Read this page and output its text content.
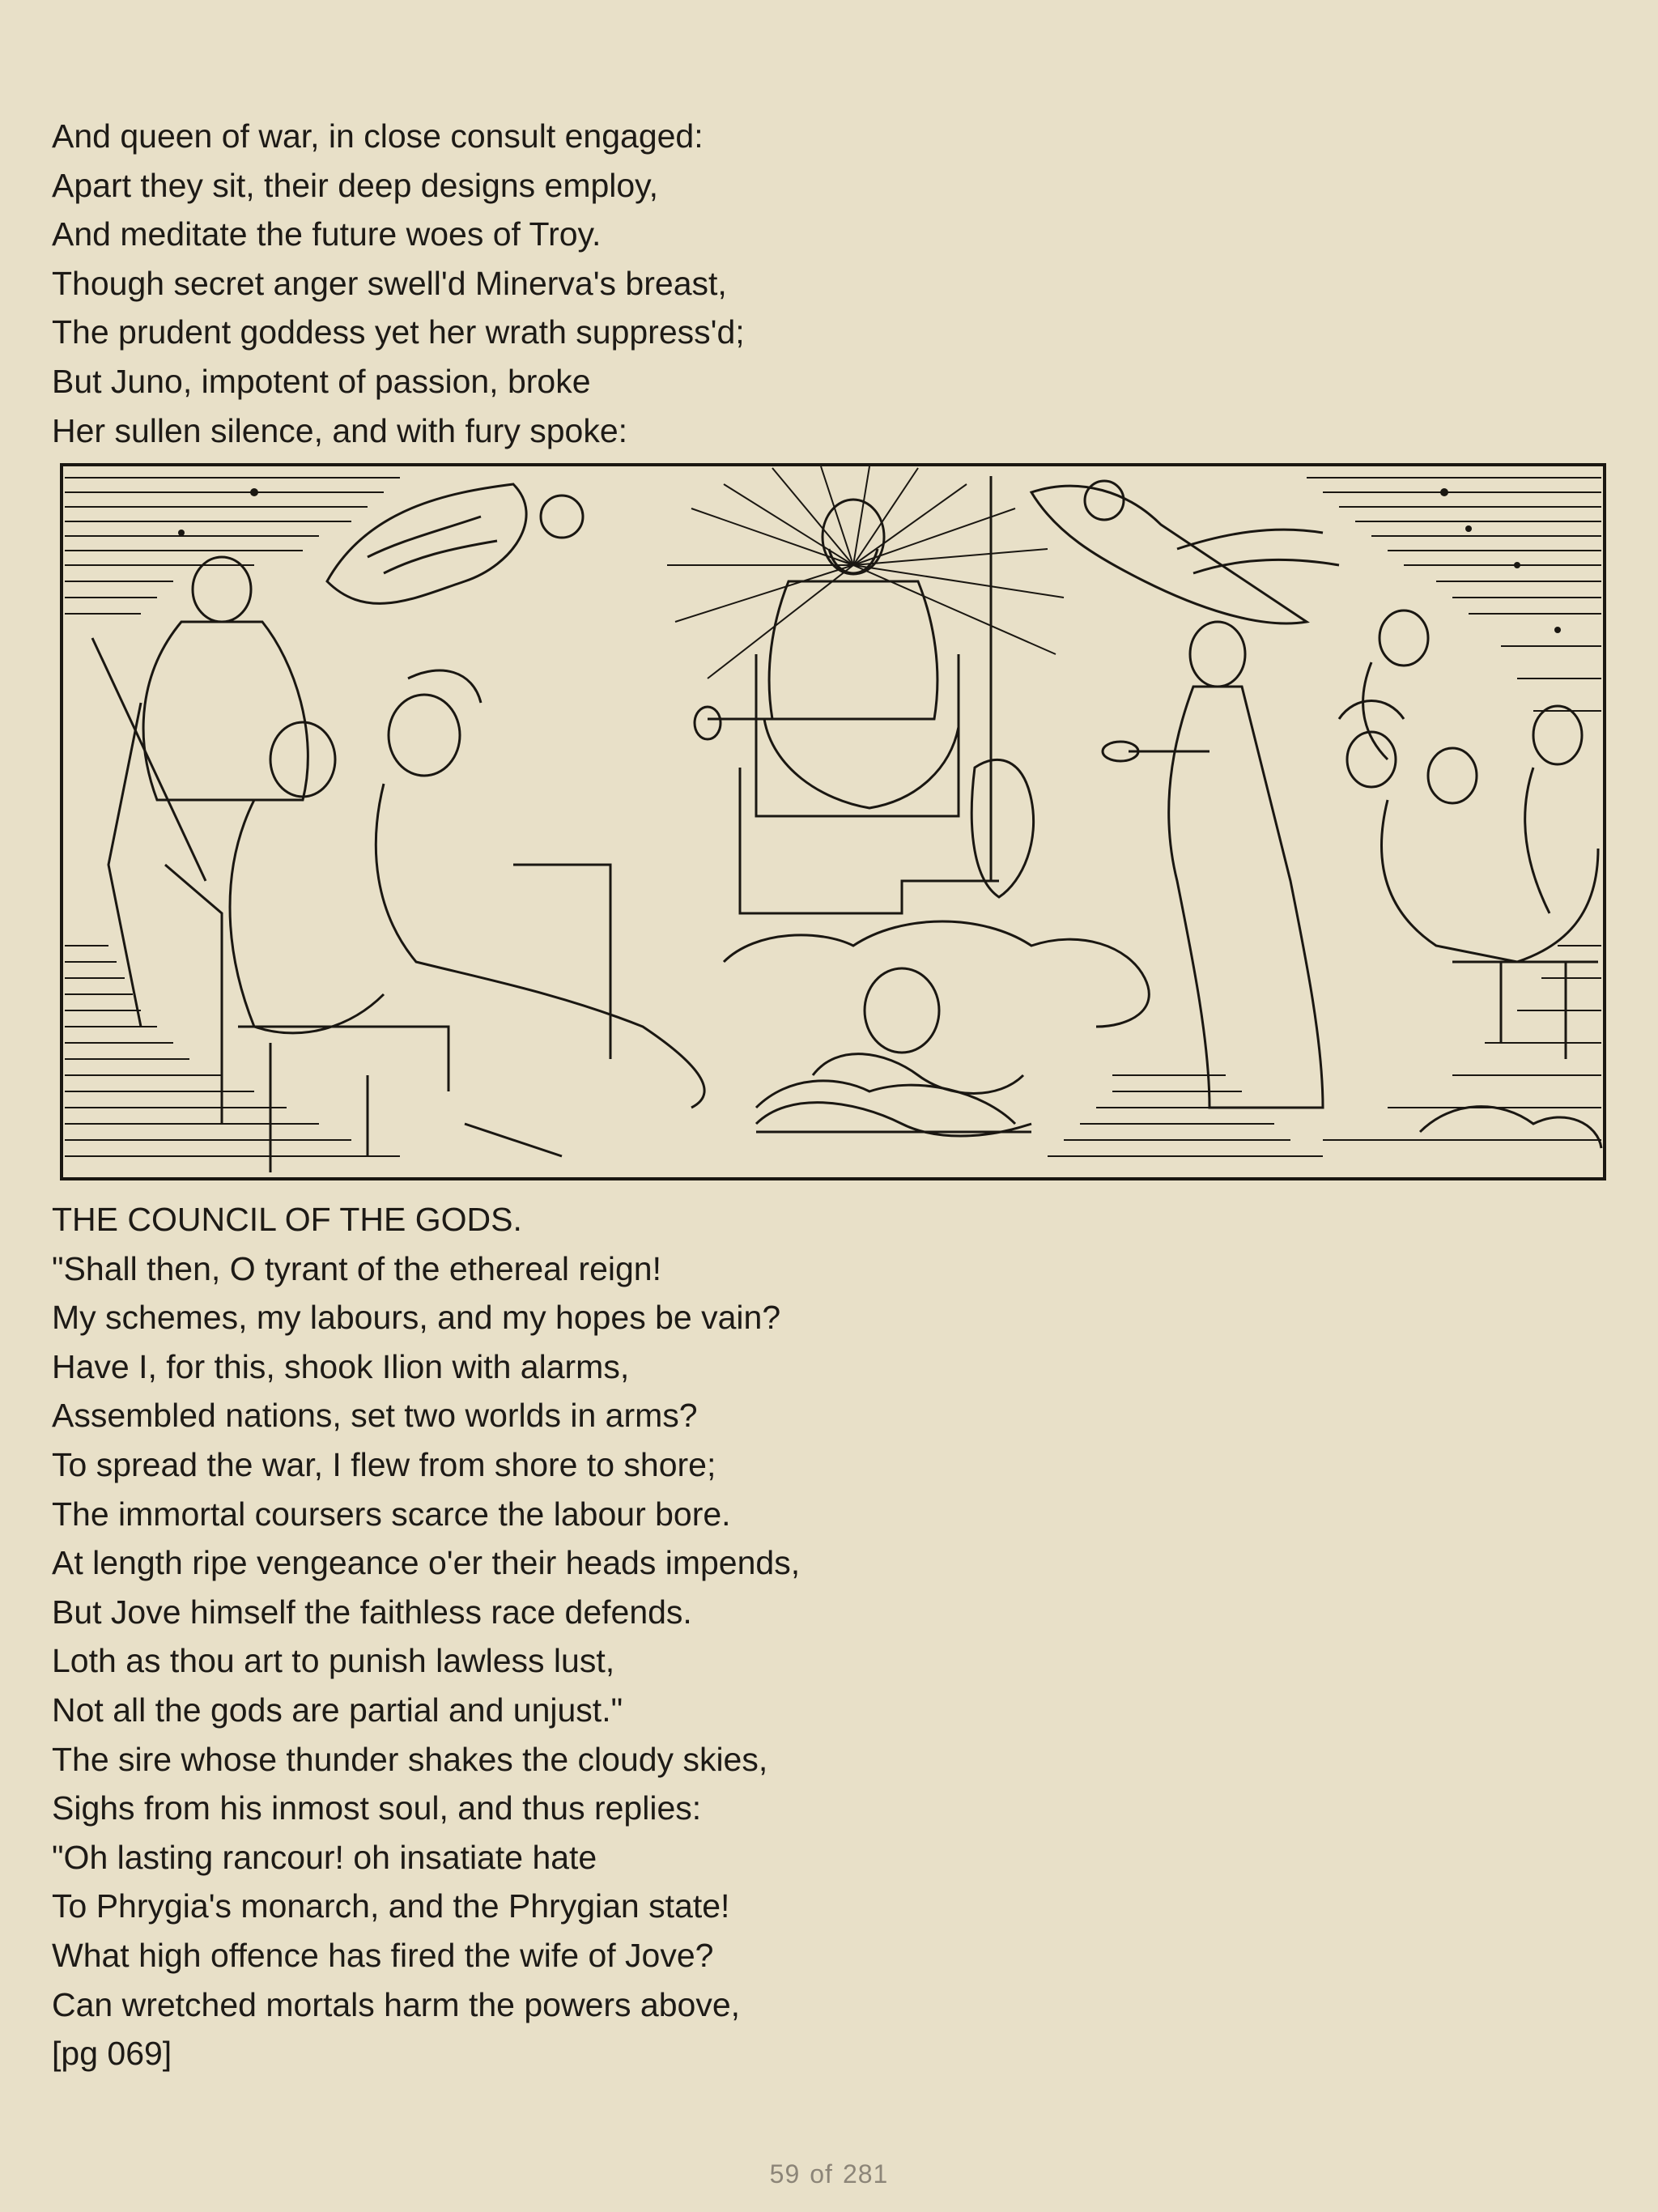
And queen of war, in close consult engaged:
Apart they sit, their deep designs employ,
And meditate the future woes of Troy.
Though secret anger swell'd Minerva's breast,
The prudent goddess yet her wrath suppress'd;
But Juno, impotent of passion, broke
Her sullen silence, and with fury spoke:
THE COUNCIL OF THE GODS.
"Shall then, O tyrant of the ethereal reign!
My schemes, my labours, and my hopes be vain?
Have I, for this, shook Ilion with alarms,
Assembled nations, set two worlds in arms?
To spread the war, I flew from shore to shore;
The immortal coursers scarce the labour bore.
At length ripe vengeance o'er their heads impends,
But Jove himself the faithless race defends.
Loth as thou art to punish lawless lust,
Not all the gods are partial and unjust."
The sire whose thunder shakes the cloudy skies,
Sighs from his inmost soul, and thus replies:
"Oh lasting rancour! oh insatiate hate
To Phrygia's monarch, and the Phrygian state!
What high offence has fired the wife of Jove?
Can wretched mortals harm the powers above,
[pg 069]
59 of 281
